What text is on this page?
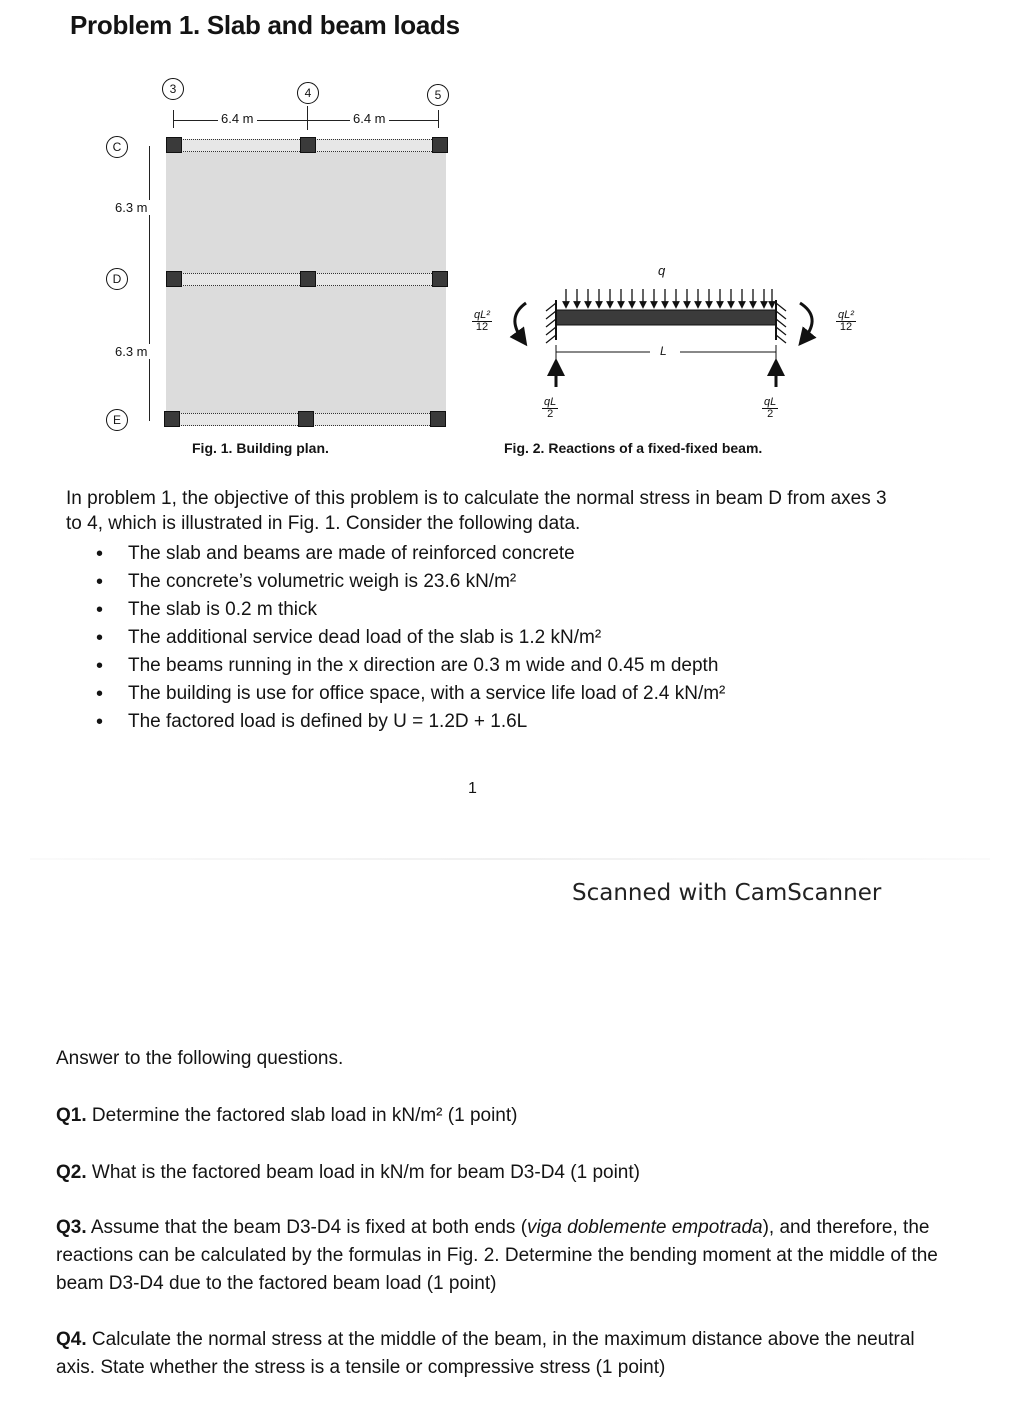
Problem 1. Slab and beam loads
3	4	5
6.4 m	6.4 m
C
D
E
6.3 m
6.3 m
Fig. 1. Building plan.
q
L
$\frac{\text{qL²}}{12}$	$\frac{\text{qL²}}{12}$
$\frac{qL}{2}$	$\frac{qL}{2}$
Fig. 2. Reactions of a fixed-fixed beam.
In problem 1, the objective of this problem is to calculate the normal stress in beam D from axes 3 to 4, which is illustrated in Fig. 1. Consider the following data.
• The slab and beams are made of reinforced concrete
• The concrete’s volumetric weigh is 23.6 kN/m²
• The slab is 0.2 m thick
• The additional service dead load of the slab is 1.2 kN/m²
• The beams running in the x direction are 0.3 m wide and 0.45 m depth
• The building is use for office space, with a service life load of 2.4 kN/m²
• The factored load is defined by U = 1.2D + 1.6L
1
Scanned with CamScanner
Answer to the following questions.
Q1. Determine the factored slab load in kN/m² (1 point)
Q2. What is the factored beam load in kN/m for beam D3-D4 (1 point)
Q3. Assume that the beam D3-D4 is fixed at both ends (viga doblemente empotrada), and therefore, the reactions can be calculated by the formulas in Fig. 2. Determine the bending moment at the middle of the beam D3-D4 due to the factored beam load (1 point)
Q4. Calculate the normal stress at the middle of the beam, in the maximum distance above the neutral axis. State whether the stress is a tensile or compressive stress (1 point)
